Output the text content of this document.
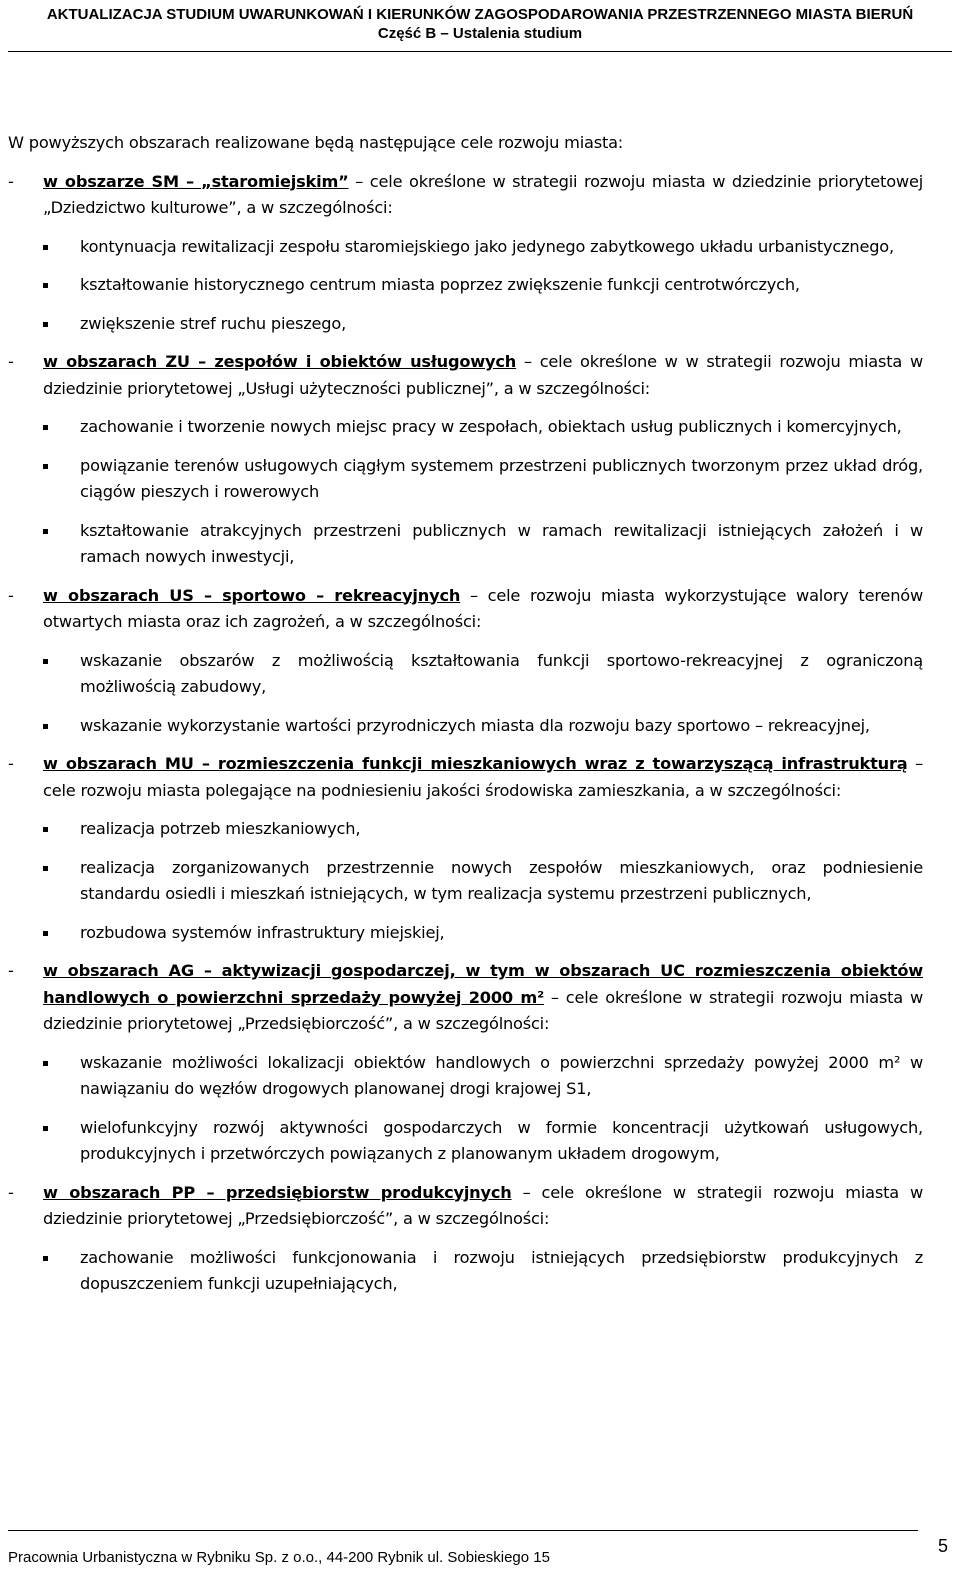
AKTUALIZACJA STUDIUM UWARUNKOWAŃ I KIERUNKÓW ZAGOSPODAROWANIA PRZESTRZENNEGO MIASTA BIERUŃ
Część B – Ustalenia studium

W powyższych obszarach realizowane będą następujące cele rozwoju miasta:

-	w obszarze SM – „staromiejskim” – cele określone w strategii rozwoju miasta w dziedzinie priorytetowej „Dziedzictwo kulturowe”, a w szczególności:
kontynuacja rewitalizacji zespołu staromiejskiego jako jedynego zabytkowego układu urbanistycznego,
kształtowanie historycznego centrum miasta poprzez zwiększenie funkcji centrotwórczych,
zwiększenie stref ruchu pieszego,
-	w obszarach ZU – zespołów i obiektów usługowych – cele określone w w strategii rozwoju miasta w dziedzinie priorytetowej „Usługi użyteczności publicznej”, a w szczególności:
zachowanie i tworzenie nowych miejsc pracy w zespołach, obiektach usług publicznych i komercyjnych,
powiązanie terenów usługowych ciągłym systemem przestrzeni publicznych tworzonym przez układ dróg, ciągów pieszych i rowerowych
kształtowanie atrakcyjnych przestrzeni publicznych w ramach rewitalizacji istniejących założeń i w ramach nowych inwestycji,
-	w obszarach US – sportowo – rekreacyjnych – cele rozwoju miasta wykorzystujące walory terenów otwartych miasta oraz ich zagrożeń, a w szczególności:
wskazanie obszarów z możliwością kształtowania funkcji sportowo-rekreacyjnej z ograniczoną możliwością zabudowy,
wskazanie wykorzystanie wartości przyrodniczych miasta dla rozwoju bazy sportowo – rekreacyjnej,
-	w obszarach MU – rozmieszczenia funkcji mieszkaniowych wraz z towarzyszącą infrastrukturą – cele rozwoju miasta polegające na podniesieniu jakości środowiska zamieszkania, a w szczególności:
realizacja potrzeb mieszkaniowych,
realizacja zorganizowanych przestrzennie nowych zespołów mieszkaniowych, oraz podniesienie standardu osiedli i mieszkań istniejących, w tym realizacja systemu przestrzeni publicznych,
rozbudowa systemów infrastruktury miejskiej,
-	w obszarach AG – aktywizacji gospodarczej, w tym w obszarach UC rozmieszczenia obiektów handlowych o powierzchni sprzedaży powyżej 2000 m² – cele określone w strategii rozwoju miasta w dziedzinie priorytetowej „Przedsiębiorczość”, a w szczególności:
wskazanie możliwości lokalizacji obiektów handlowych o powierzchni sprzedaży powyżej 2000 m² w nawiązaniu do węzłów drogowych planowanej drogi krajowej S1,
wielofunkcyjny rozwój aktywności gospodarczych w formie koncentracji użytkowań usługowych, produkcyjnych i przetwórczych powiązanych z planowanym układem drogowym,
-	w obszarach PP – przedsiębiorstw produkcyjnych – cele określone w strategii rozwoju miasta w dziedzinie priorytetowej „Przedsiębiorczość”, a w szczególności:
zachowanie możliwości funkcjonowania i rozwoju istniejących przedsiębiorstw produkcyjnych z dopuszczeniem funkcji uzupełniających,
Pracownia Urbanistyczna w Rybniku Sp. z o.o., 44-200 Rybnik ul. Sobieskiego 15
5
